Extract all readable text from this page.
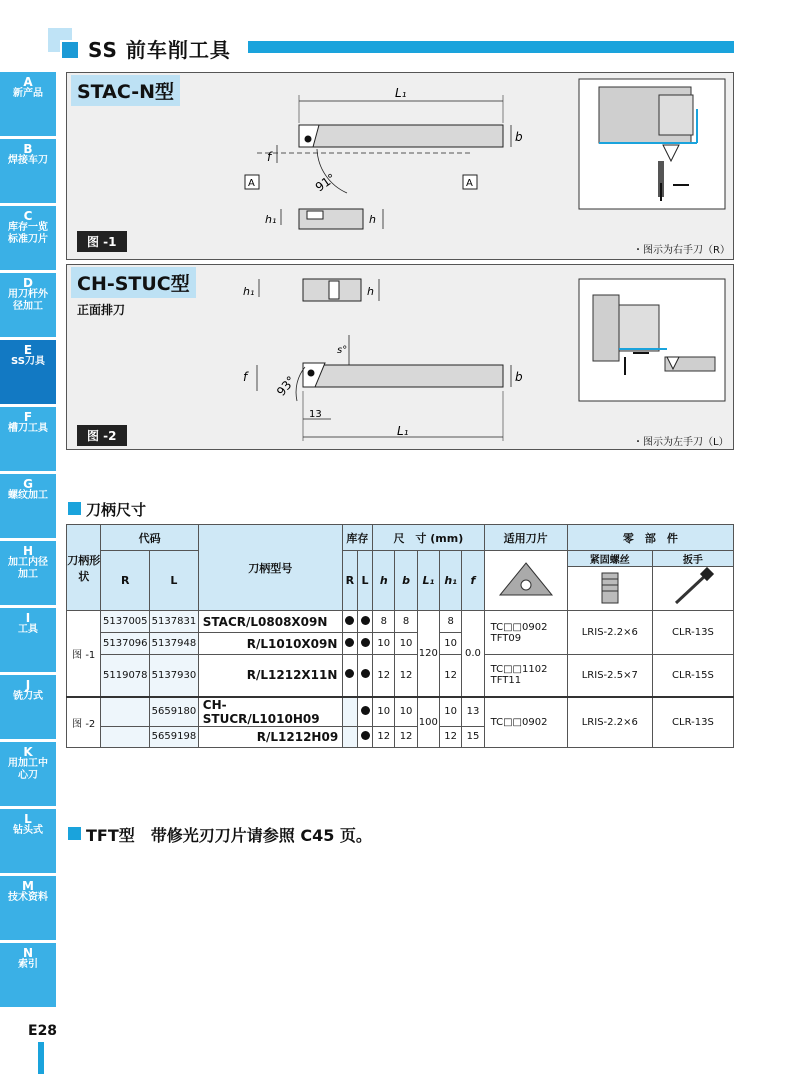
SS 前车削工具
A
新产品
B
焊接车刀
C
库存一览标准刀片
D
用刀杆外径加工
E
SS刀具
F
槽刀工具
G
螺纹加工
H
加工内径加工
I
工具
J
铣刀式
K
用加工中心刀
L
钻头式
M
技术资料
N
索引
STAC-N型	L₁
b
f
91°
A	A
h₁	h
图 -1
・图示为右手刀（R）
CH-STUC型
正面排刀
h₁	h
s°
b
f 93°
13
L₁
图 -2	・图示为左手刀（L）
刀柄尺寸
刀柄形状	代码		刀柄型号	库存		尺　寸 (mm)					适用刀片	零　部　件	
	R	L		R	L	h	b	L₁	h₁	f		紧固螺丝	扳手

图 -1	5137005	5137831	STACR/L0808X09N			8	8	120	8	0.0	TC□□0902 TFT09	LRIS-2.2×6	CLR-13S
	5137096	5137948	R/L1010X09N			10	10		10				
	5119078	5137930	R/L1212X11N			12	12		12		TC□□1102 TFT11	LRIS-2.5×7	CLR-15S
图 -2		5659180	CH-STUCR/L1010H09			10	10	100	10	13	TC□□0902	LRIS-2.2×6	CLR-13S
		5659198	R/L1212H09			12	12		12	15			
TFT型　带修光刃刀片请参照 C45 页。
E28
